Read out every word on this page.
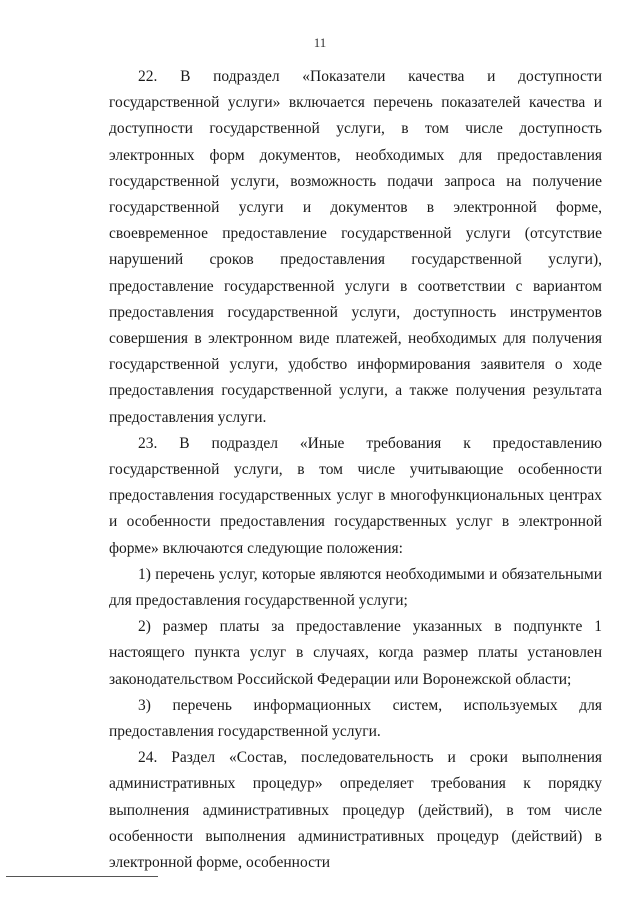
11

22. В подраздел «Показатели качества и доступности государственной услуги» включается перечень показателей качества и доступности государственной услуги, в том числе доступность электронных форм документов, необходимых для предоставления государственной услуги, возможность подачи запроса на получение государственной услуги и документов в электронной форме, своевременное предоставление государственной услуги (отсутствие нарушений сроков предоставления государственной услуги), предоставление государственной услуги в соответствии с вариантом предоставления государственной услуги, доступность инструментов совершения в электронном виде платежей, необходимых для получения государственной услуги, удобство информирования заявителя о ходе предоставления государственной услуги, а также получения результата предоставления услуги.

23. В подраздел «Иные требования к предоставлению государственной услуги, в том числе учитывающие особенности предоставления государственных услуг в многофункциональных центрах и особенности предоставления государственных услуг в электронной форме» включаются следующие положения:

1) перечень услуг, которые являются необходимыми и обязательными для предоставления государственной услуги;

2) размер платы за предоставление указанных в подпункте 1 настоящего пункта услуг в случаях, когда размер платы установлен законодательством Российской Федерации или Воронежской области;

3) перечень информационных систем, используемых для предоставления государственной услуги.

24. Раздел «Состав, последовательность и сроки выполнения административных процедур» определяет требования к порядку выполнения административных процедур (действий), в том числе особенности выполнения административных процедур (действий) в электронной форме, особенности
